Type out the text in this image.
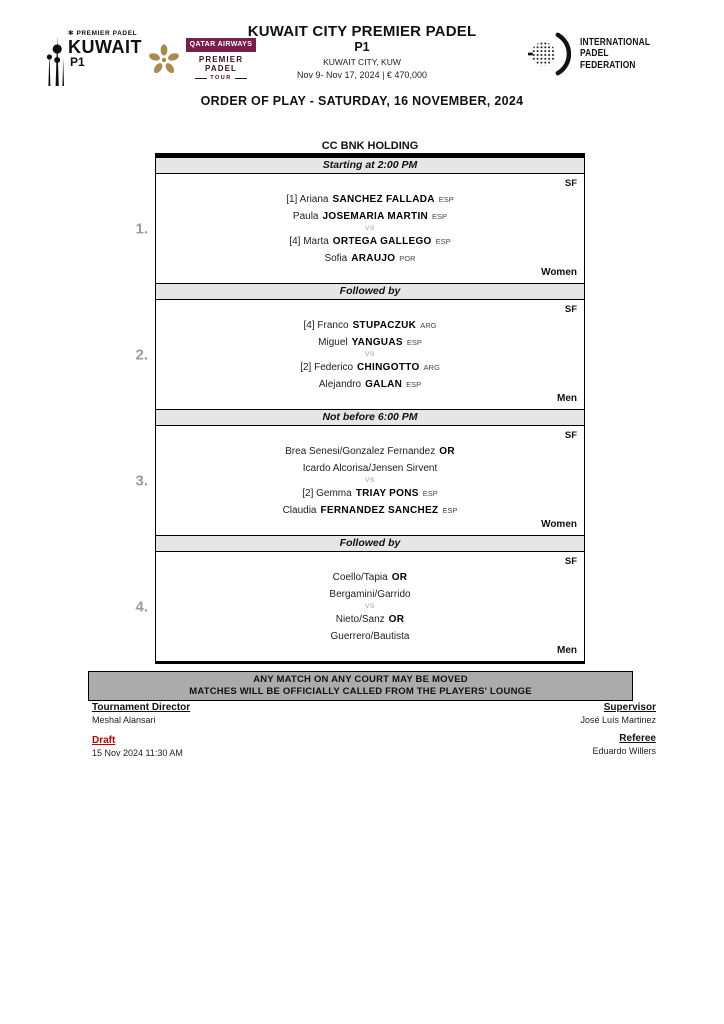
✻ PREMIER PADEL
KUWAIT
P1
QATAR AIRWAYS
PREMIER PADEL
TOUR
KUWAIT CITY PREMIER PADEL
P1
KUWAIT CITY, KUW
Nov 9- Nov 17, 2024 | € 470,000
INTERNATIONAL
PADEL
FEDERATION
ORDER OF PLAY - SATURDAY, 16 NOVEMBER, 2024
CC BNK HOLDING
Starting at 2:00 PM
1.
SF
[1] Ariana SANCHEZ FALLADA ESP
Paula JOSEMARIA MARTIN ESP
VS
[4] Marta ORTEGA GALLEGO ESP
Sofia ARAUJO POR
Women
Followed by
2.
SF
[4] Franco STUPACZUK ARG
Miguel YANGUAS ESP
VS
[2] Federico CHINGOTTO ARG
Alejandro GALAN ESP
Men
Not before 6:00 PM
3.
SF
Brea Senesi/Gonzalez Fernandez OR
Icardo Alcorisa/Jensen Sirvent
VS
[2] Gemma TRIAY PONS ESP
Claudia FERNANDEZ SANCHEZ ESP
Women
Followed by
4.
SF
Coello/Tapia OR
Bergamini/Garrido
VS
Nieto/Sanz OR
Guerrero/Bautista
Men
ANY MATCH ON ANY COURT MAY BE MOVED
MATCHES WILL BE OFFICIALLY CALLED FROM THE PLAYERS' LOUNGE
Tournament Director
Meshal Alansari
Draft
15 Nov 2024 11:30 AM
Supervisor
José Luís Martinez
Referee
Eduardo Willers
